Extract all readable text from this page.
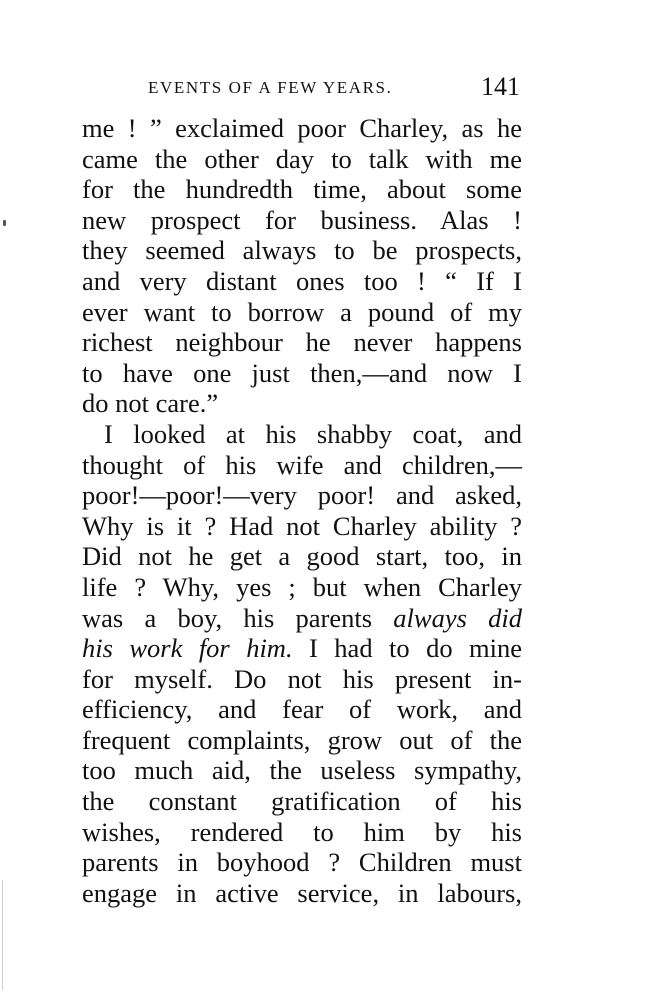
EVENTS OF A FEW YEARS.	141
me ! ” exclaimed poor Charley, as he
came the other day to talk with me
for the hundredth time, about some
new prospect for business. Alas !
they seemed always to be prospects,
and very distant ones too ! “ If I
ever want to borrow a pound of my
richest neighbour he never happens
to have one just then,—and now I
do not care.”
I looked at his shabby coat, and
thought of his wife and children,—
poor!—poor!—very poor! and asked,
Why is it ? Had not Charley ability ?
Did not he get a good start, too, in
life ? Why, yes ; but when Charley
was a boy, his parents always did
his work for him. I had to do mine
for myself. Do not his present in-
efficiency, and fear of work, and
frequent complaints, grow out of the
too much aid, the useless sympathy,
the constant gratification of his
wishes, rendered to him by his
parents in boyhood ? Children must
engage in active service, in labours,
